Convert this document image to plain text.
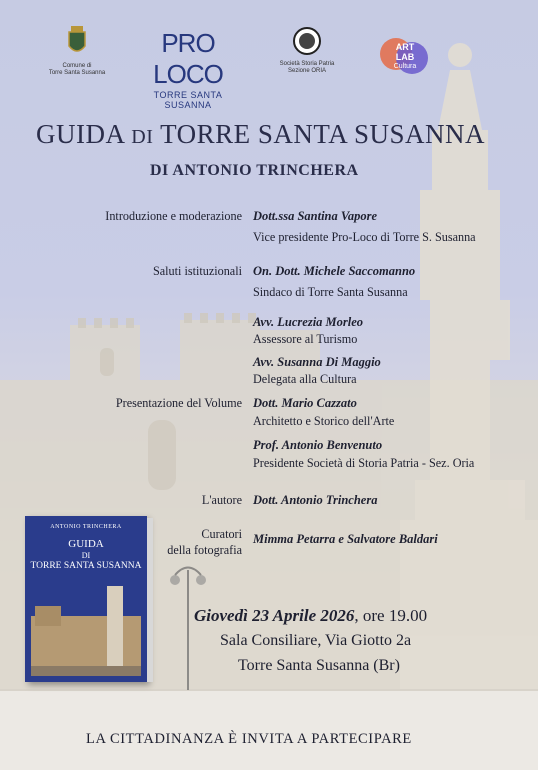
Comune di
Torre Santa Susanna
PRO LOCO
TORRE SANTA SUSANNA
Società Storia Patria
Sezione ORIA
ART
LAB
Cultura
GUIDA DI TORRE SANTA SUSANNA
DI ANTONIO TRINCHERA
Introduzione e moderazione Dott.ssa Santina Vapore
Vice presidente Pro-Loco di Torre S. Susanna
Saluti istituzionali On. Dott. Michele Saccomanno
Sindaco di Torre Santa Susanna
Avv. Lucrezia Morleo
Assessore al Turismo
Avv. Susanna Di Maggio
Delegata alla Cultura
Presentazione del Volume Dott. Mario Cazzato
Architetto e Storico dell'Arte
Prof. Antonio Benvenuto
Presidente Società di Storia Patria - Sez. Oria
L'autore Dott. Antonio Trinchera
Curatori
della fotografia
Mimma Petarra e Salvatore Baldari
ANTONIO TRINCHERA
GUIDA
DI
TORRE SANTA SUSANNA
Giovedì 23 Aprile 2026, ore 19.00
Sala Consiliare, Via Giotto 2a
Torre Santa Susanna (Br)
LA CITTADINANZA È INVITA A PARTECIPARE
